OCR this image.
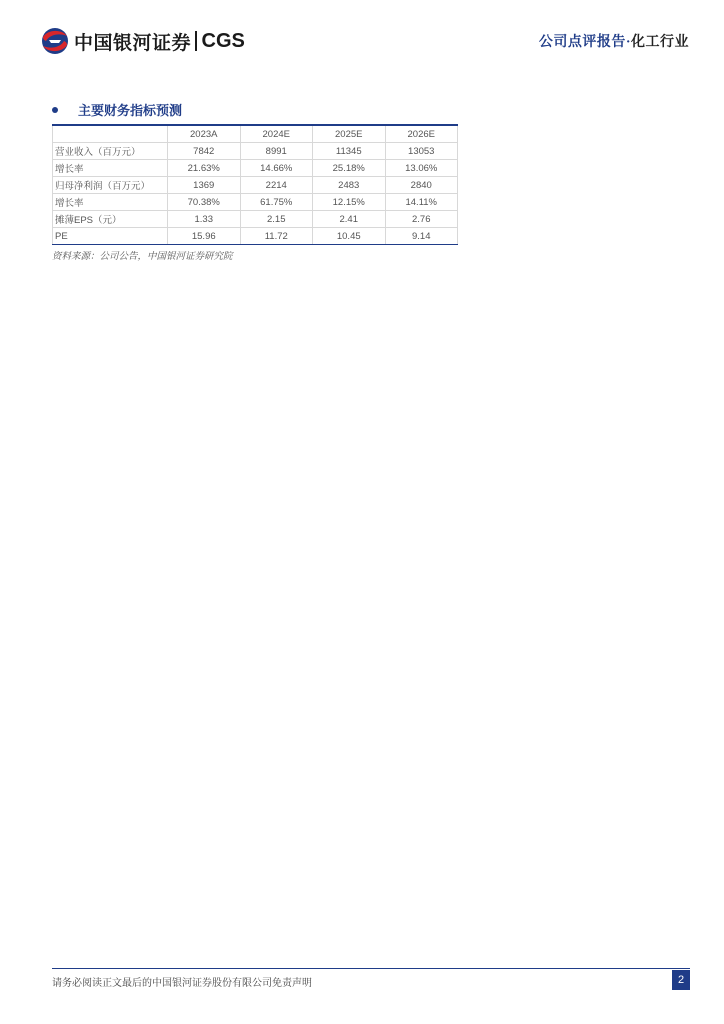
中国银河证券 CGS	公司点评报告·化工行业
主要财务指标预测
	2023A	2024E	2025E	2026E
营业收入（百万元）	7842	8991	11345	13053
增长率	21.63%	14.66%	25.18%	13.06%
归母净利润（百万元）	1369	2214	2483	2840
增长率	70.38%	61.75%	12.15%	14.11%
摊薄EPS（元）	1.33	2.15	2.41	2.76
PE	15.96	11.72	10.45	9.14
资料来源：公司公告，中国银河证券研究院
请务必阅读正文最后的中国银河证券股份有限公司免责声明	2
